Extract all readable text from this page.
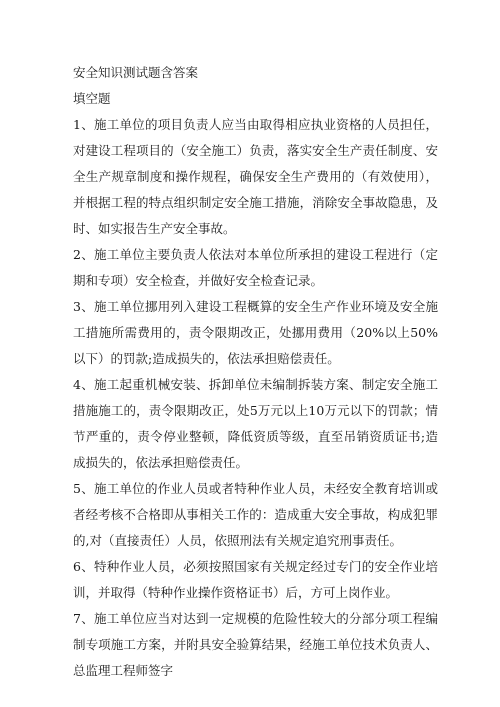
安全知识测试题含答案

填空题

1、施工单位的项目负责人应当由取得相应执业资格的人员担任，对建设工程项目的（安全施工）负责，落实安全生产责任制度、安全生产规章制度和操作规程，确保安全生产费用的（有效使用），并根据工程的特点组织制定安全施工措施，消除安全事故隐患，及时、如实报告生产安全事故。

2、施工单位主要负责人依法对本单位所承担的建设工程进行（定期和专项）安全检查，并做好安全检查记录。

3、施工单位挪用列入建设工程概算的安全生产作业环境及安全施工措施所需费用的，责令限期改正，处挪用费用（20%以上50%以下）的罚款;造成损失的，依法承担赔偿责任。

4、施工起重机械安装、拆卸单位未编制拆装方案、制定安全施工措施施工的，责令限期改正，处5万元以上10万元以下的罚款；情节严重的，责令停业整顿，降低资质等级，直至吊销资质证书;造成损失的，依法承担赔偿责任。

5、施工单位的作业人员或者特种作业人员，未经安全教育培训或者经考核不合格即从事相关工作的：造成重大安全事故，构成犯罪的,对（直接责任）人员，依照刑法有关规定追究刑事责任。

6、特种作业人员，必须按照国家有关规定经过专门的安全作业培训，并取得（特种作业操作资格证书）后，方可上岗作业。

7、施工单位应当对达到一定规模的危险性较大的分部分项工程编制专项施工方案，并附具安全验算结果，经施工单位技术负责人、总监理工程师签字
